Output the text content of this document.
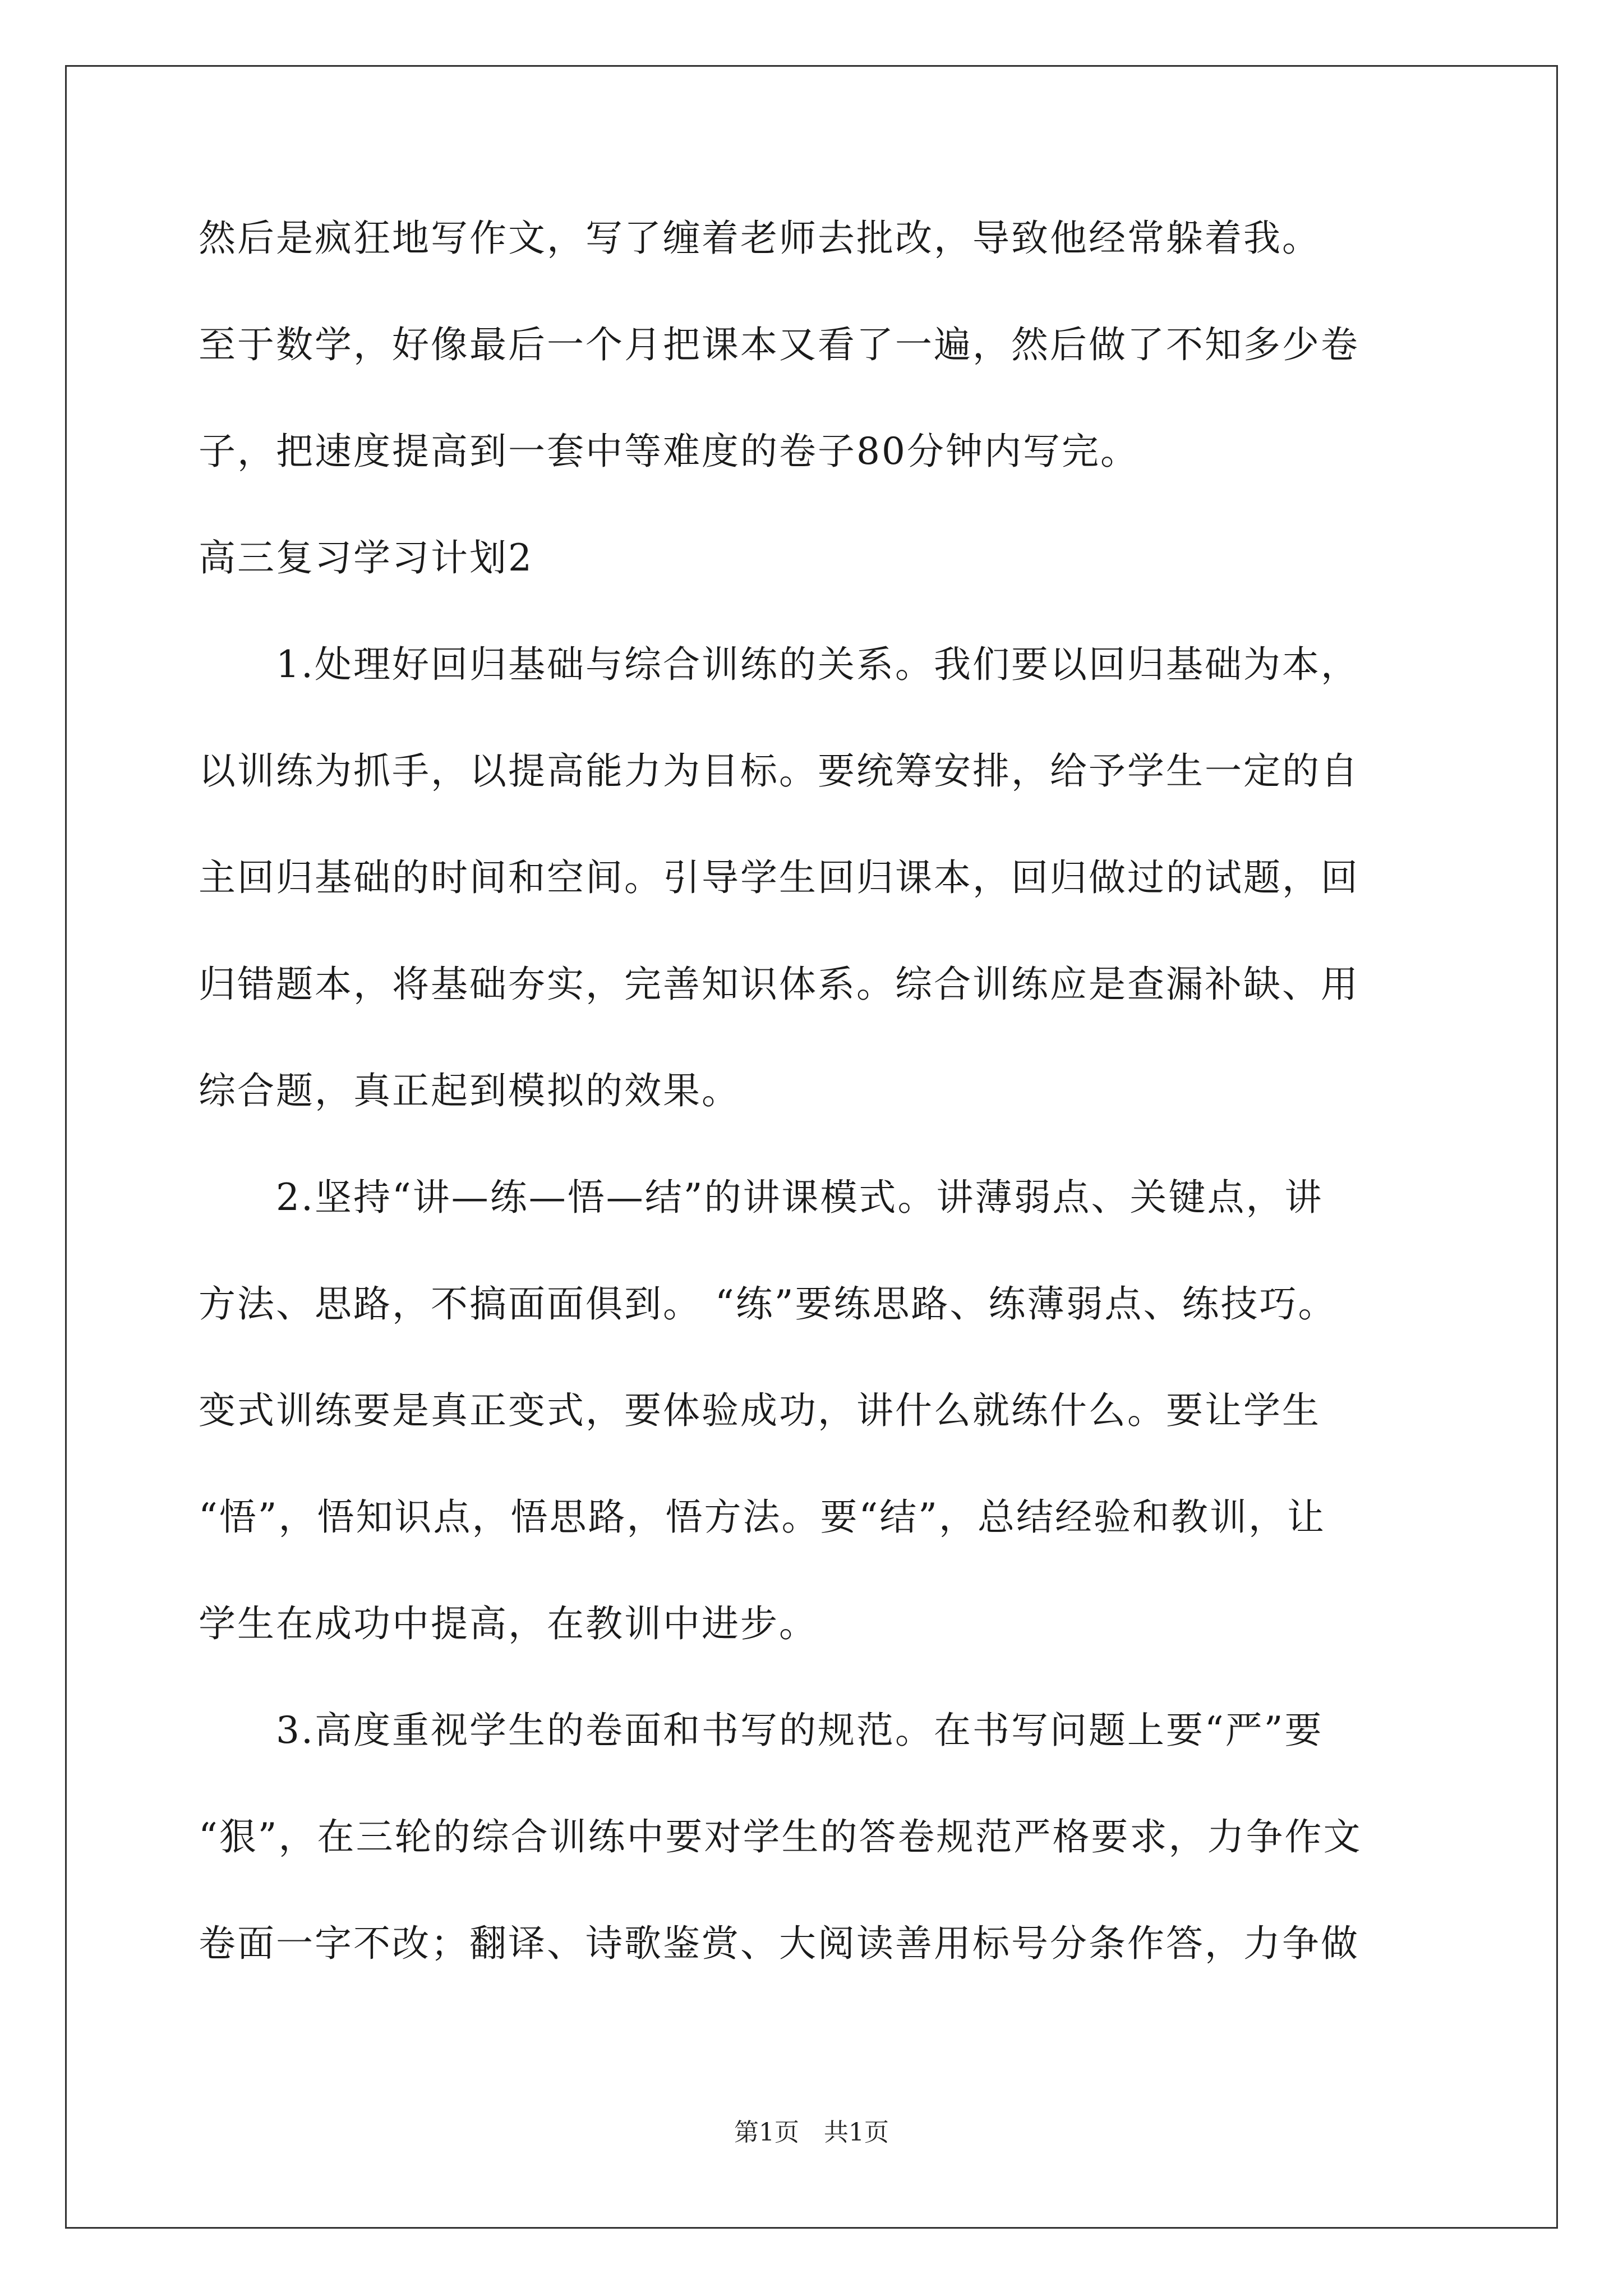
然后是疯狂地写作文，写了缠着老师去批改，导致他经常躲着我。
至于数学，好像最后一个月把课本又看了一遍，然后做了不知多少卷
子，把速度提高到一套中等难度的卷子80分钟内写完。
高三复习学习计划2
　　1.处理好回归基础与综合训练的关系。我们要以回归基础为本，
以训练为抓手，以提高能力为目标。要统筹安排，给予学生一定的自
主回归基础的时间和空间。引导学生回归课本，回归做过的试题，回
归错题本，将基础夯实，完善知识体系。综合训练应是查漏补缺、用
综合题，真正起到模拟的效果。
　　2.坚持“讲—练—悟—结”的讲课模式。讲薄弱点、关键点，讲
方法、思路，不搞面面俱到。 “练”要练思路、练薄弱点、练技巧。
变式训练要是真正变式，要体验成功，讲什么就练什么。要让学生
“悟”，悟知识点，悟思路，悟方法。要“结”，总结经验和教训，让
学生在成功中提高，在教训中进步。
　　3.高度重视学生的卷面和书写的规范。在书写问题上要“严”要
“狠”，在三轮的综合训练中要对学生的答卷规范严格要求，力争作文
卷面一字不改；翻译、诗歌鉴赏、大阅读善用标号分条作答，力争做
第1页　共1页
